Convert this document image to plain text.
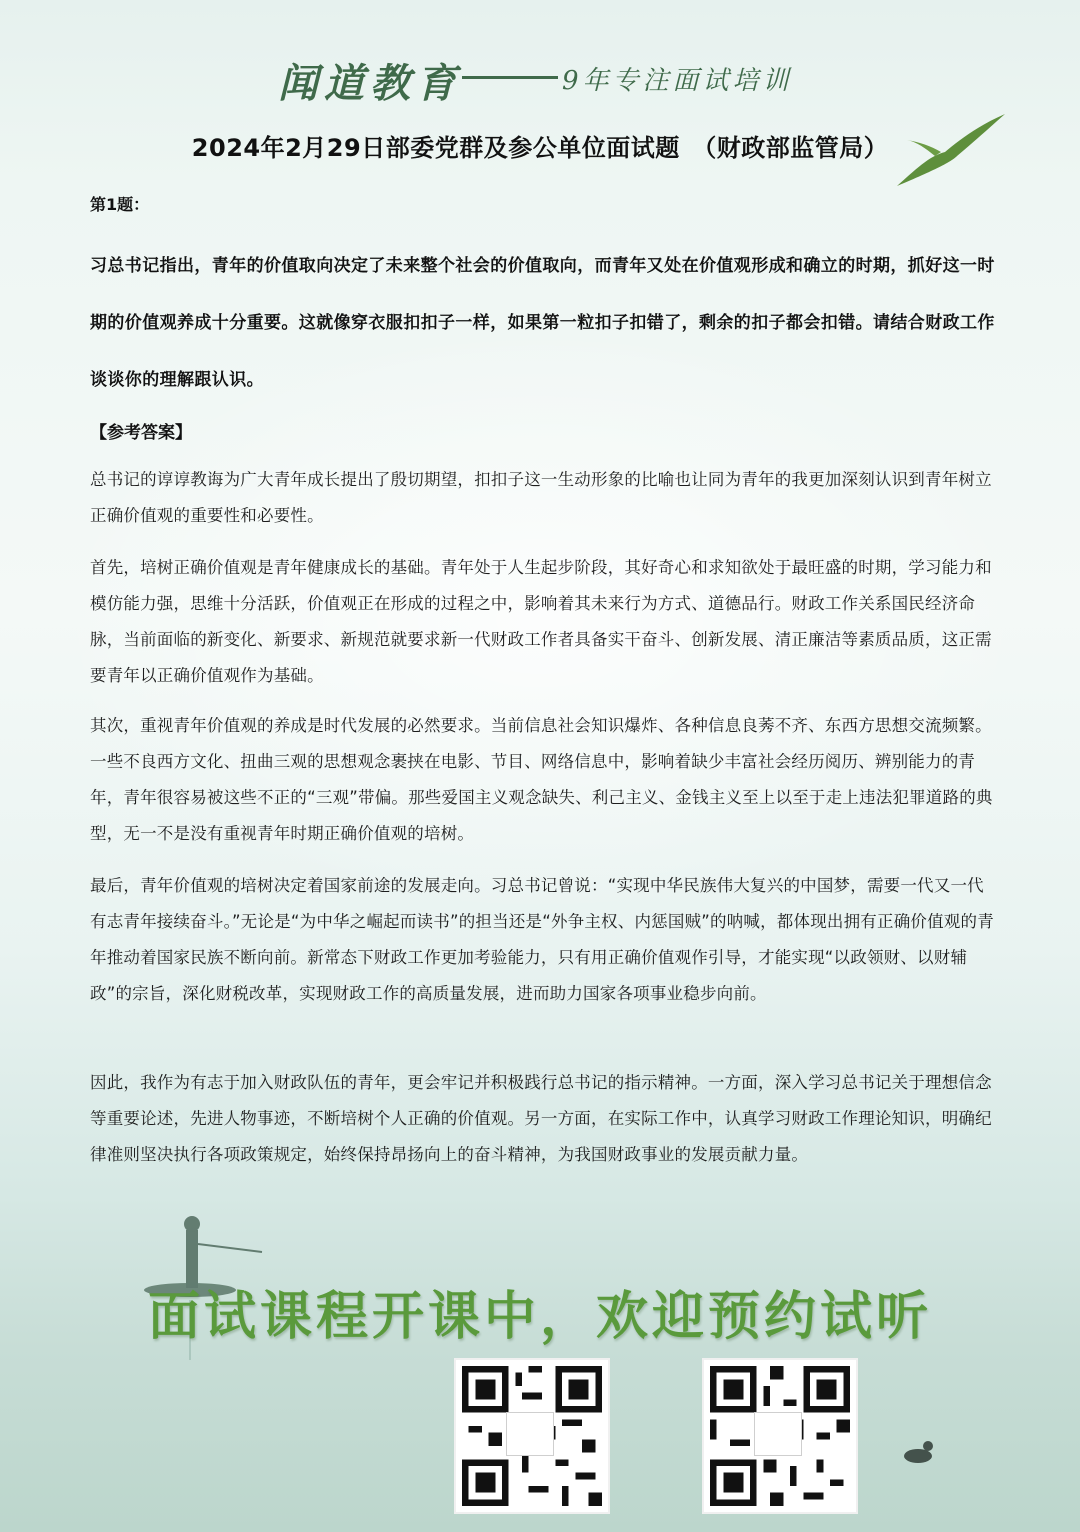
闻道教育	9年专注面试培训
2024年2月29日部委党群及参公单位面试题　（财政部监管局）
第1题：
习总书记指出，青年的价值取向决定了未来整个社会的价值取向，而青年又处在价值观形成和确立的时期，抓好这一时期的价值观养成十分重要。这就像穿衣服扣扣子一样，如果第一粒扣子扣错了，剩余的扣子都会扣错。请结合财政工作谈谈你的理解跟认识。
【参考答案】
总书记的谆谆教诲为广大青年成长提出了殷切期望，扣扣子这一生动形象的比喻也让同为青年的我更加深刻认识到青年树立正确价值观的重要性和必要性。
首先，培树正确价值观是青年健康成长的基础。青年处于人生起步阶段，其好奇心和求知欲处于最旺盛的时期，学习能力和模仿能力强，思维十分活跃，价值观正在形成的过程之中，影响着其未来行为方式、道德品行。财政工作关系国民经济命脉，当前面临的新变化、新要求、新规范就要求新一代财政工作者具备实干奋斗、创新发展、清正廉洁等素质品质，这正需要青年以正确价值观作为基础。
其次，重视青年价值观的养成是时代发展的必然要求。当前信息社会知识爆炸、各种信息良莠不齐、东西方思想交流频繁。一些不良西方文化、扭曲三观的思想观念裹挟在电影、节目、网络信息中，影响着缺少丰富社会经历阅历、辨别能力的青年，青年很容易被这些不正的“三观”带偏。那些爱国主义观念缺失、利己主义、金钱主义至上以至于走上违法犯罪道路的典型，无一不是没有重视青年时期正确价值观的培树。
最后，青年价值观的培树决定着国家前途的发展走向。习总书记曾说：“实现中华民族伟大复兴的中国梦，需要一代又一代有志青年接续奋斗。”无论是“为中华之崛起而读书”的担当还是“外争主权、内惩国贼”的呐喊，都体现出拥有正确价值观的青年推动着国家民族不断向前。新常态下财政工作更加考验能力，只有用正确价值观作引导，才能实现“以政领财、以财辅政”的宗旨，深化财税改革，实现财政工作的高质量发展，进而助力国家各项事业稳步向前。
因此，我作为有志于加入财政队伍的青年，更会牢记并积极践行总书记的指示精神。一方面，深入学习总书记关于理想信念等重要论述，先进人物事迹，不断培树个人正确的价值观。另一方面，在实际工作中，认真学习财政工作理论知识，明确纪律准则坚决执行各项政策规定，始终保持昂扬向上的奋斗精神，为我国财政事业的发展贡献力量。
面试课程开课中，欢迎预约试听
